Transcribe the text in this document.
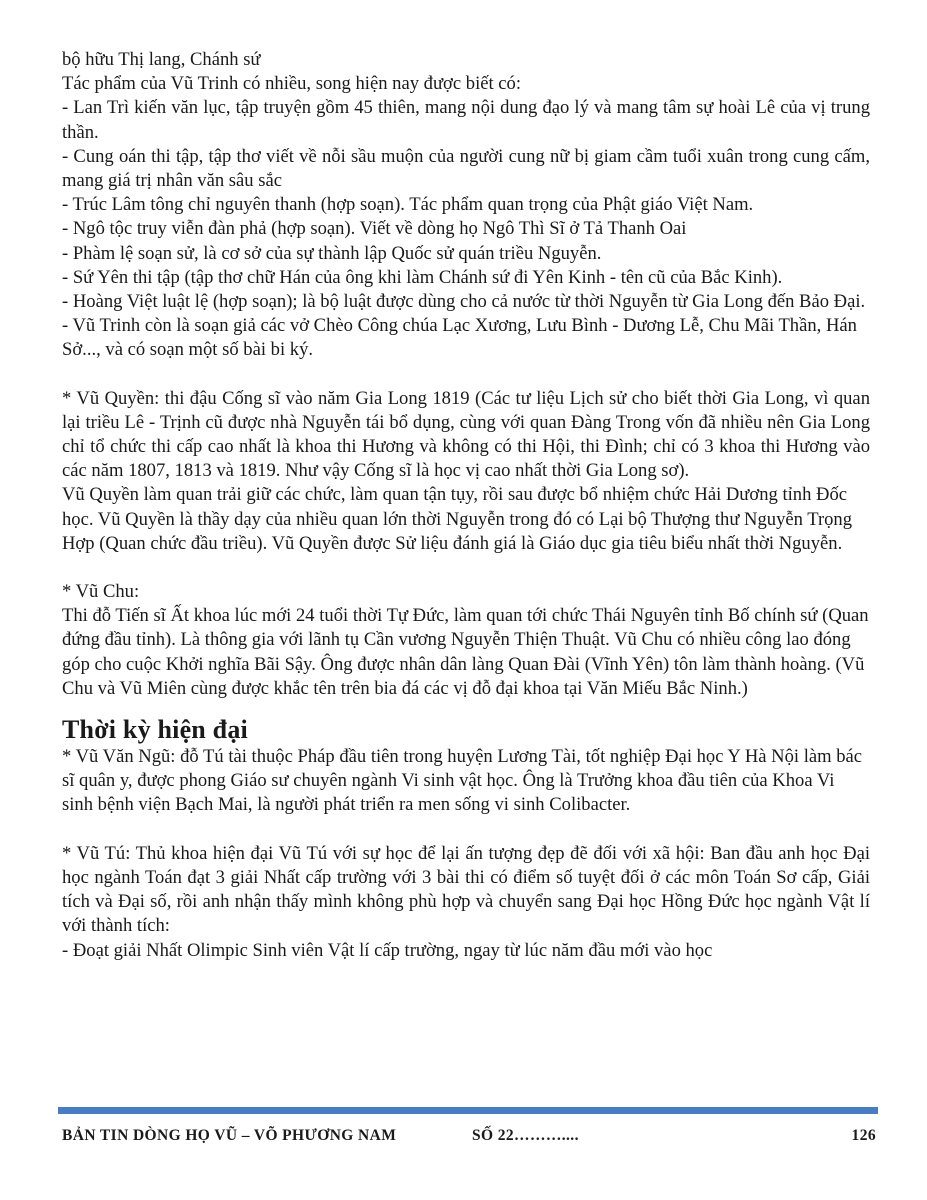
bộ hữu Thị lang, Chánh sứ

Tác phẩm của Vũ Trinh có nhiều, song hiện nay được biết có:

- Lan Trì kiến văn lục, tập truyện gồm 45 thiên, mang nội dung đạo lý và mang tâm sự hoài Lê của vị trung thần.

- Cung oán thi tập, tập thơ viết về nỗi sầu muộn của người cung nữ bị giam cầm tuổi xuân trong cung cấm, mang giá trị nhân văn sâu sắc

- Trúc Lâm tông chỉ nguyên thanh (hợp soạn). Tác phẩm quan trọng của Phật giáo Việt Nam.

- Ngô tộc truy viễn đàn phả (hợp soạn). Viết về dòng họ Ngô Thì Sĩ ở Tả Thanh Oai

- Phàm lệ soạn sử, là cơ sở của sự thành lập Quốc sử quán triều Nguyễn.

- Sứ Yên thi tập (tập thơ chữ Hán của ông khi làm Chánh sứ đi Yên Kinh - tên cũ của Bắc Kinh).

- Hoàng Việt luật lệ (hợp soạn); là bộ luật được dùng cho cả nước từ thời Nguyễn từ Gia Long đến Bảo Đại.

- Vũ Trinh còn là soạn giả các vở Chèo Công chúa Lạc Xương, Lưu Bình - Dương Lễ, Chu Mãi Thần, Hán Sở..., và có soạn một số bài bi ký.

* Vũ Quyền: thi đậu Cống sĩ vào năm Gia Long 1819 (Các tư liệu Lịch sử cho biết thời Gia Long, vì quan lại triều Lê - Trịnh cũ được nhà Nguyễn tái bổ dụng, cùng với quan Đàng Trong vốn đã nhiều nên Gia Long chỉ tổ chức thi cấp cao nhất là khoa thi Hương và không có thi Hội, thi Đình; chỉ có 3 khoa thi Hương vào các năm 1807, 1813 và 1819. Như vậy Cống sĩ là học vị cao nhất thời Gia Long sơ).

Vũ Quyền làm quan trải giữ các chức, làm quan tận tụy, rồi sau được bổ nhiệm chức Hải Dương tỉnh Đốc học. Vũ Quyền là thầy dạy của nhiều quan lớn thời Nguyễn trong đó có Lại bộ Thượng thư Nguyễn Trọng Hợp (Quan chức đầu triều). Vũ Quyền được Sử liệu đánh giá là Giáo dục gia tiêu biểu nhất thời Nguyễn.

* Vũ Chu:

Thi đỗ Tiến sĩ Ất khoa lúc mới 24 tuổi thời Tự Đức, làm quan tới chức Thái Nguyên tỉnh Bố chính sứ (Quan đứng đầu tỉnh). Là thông gia với lãnh tụ Cần vương Nguyễn Thiện Thuật. Vũ Chu có nhiều công lao đóng góp cho cuộc Khởi nghĩa Bãi Sậy. Ông được nhân dân làng Quan Đài (Vĩnh Yên) tôn làm thành hoàng. (Vũ Chu và Vũ Miên cùng được khắc tên trên bia đá các vị đỗ đại khoa tại Văn Miếu Bắc Ninh.)

Thời kỳ hiện đại

* Vũ Văn Ngũ: đỗ Tú tài thuộc Pháp đầu tiên trong huyện Lương Tài, tốt nghiệp Đại học Y Hà Nội làm bác sĩ quân y, được phong Giáo sư chuyên ngành Vi sinh vật học. Ông là Trưởng khoa đầu tiên của Khoa Vi sinh bệnh viện Bạch Mai, là người phát triển ra men sống vi sinh Colibacter.

* Vũ Tú: Thủ khoa hiện đại Vũ Tú với sự học để lại ấn tượng đẹp đẽ đối với xã hội: Ban đầu anh học Đại học ngành Toán đạt 3 giải Nhất cấp trường với 3 bài thi có điểm số tuyệt đối ở các môn Toán Sơ cấp, Giải tích và Đại số, rồi anh nhận thấy mình không phù hợp và chuyển sang Đại học Hồng Đức học ngành Vật lí với thành tích:

- Đoạt giải Nhất Olimpic Sinh viên Vật lí cấp trường, ngay từ lúc năm đầu mới vào học

BẢN TIN DÒNG HỌ VŨ – VÕ PHƯƠNG NAM	SỐ 22………....	126
